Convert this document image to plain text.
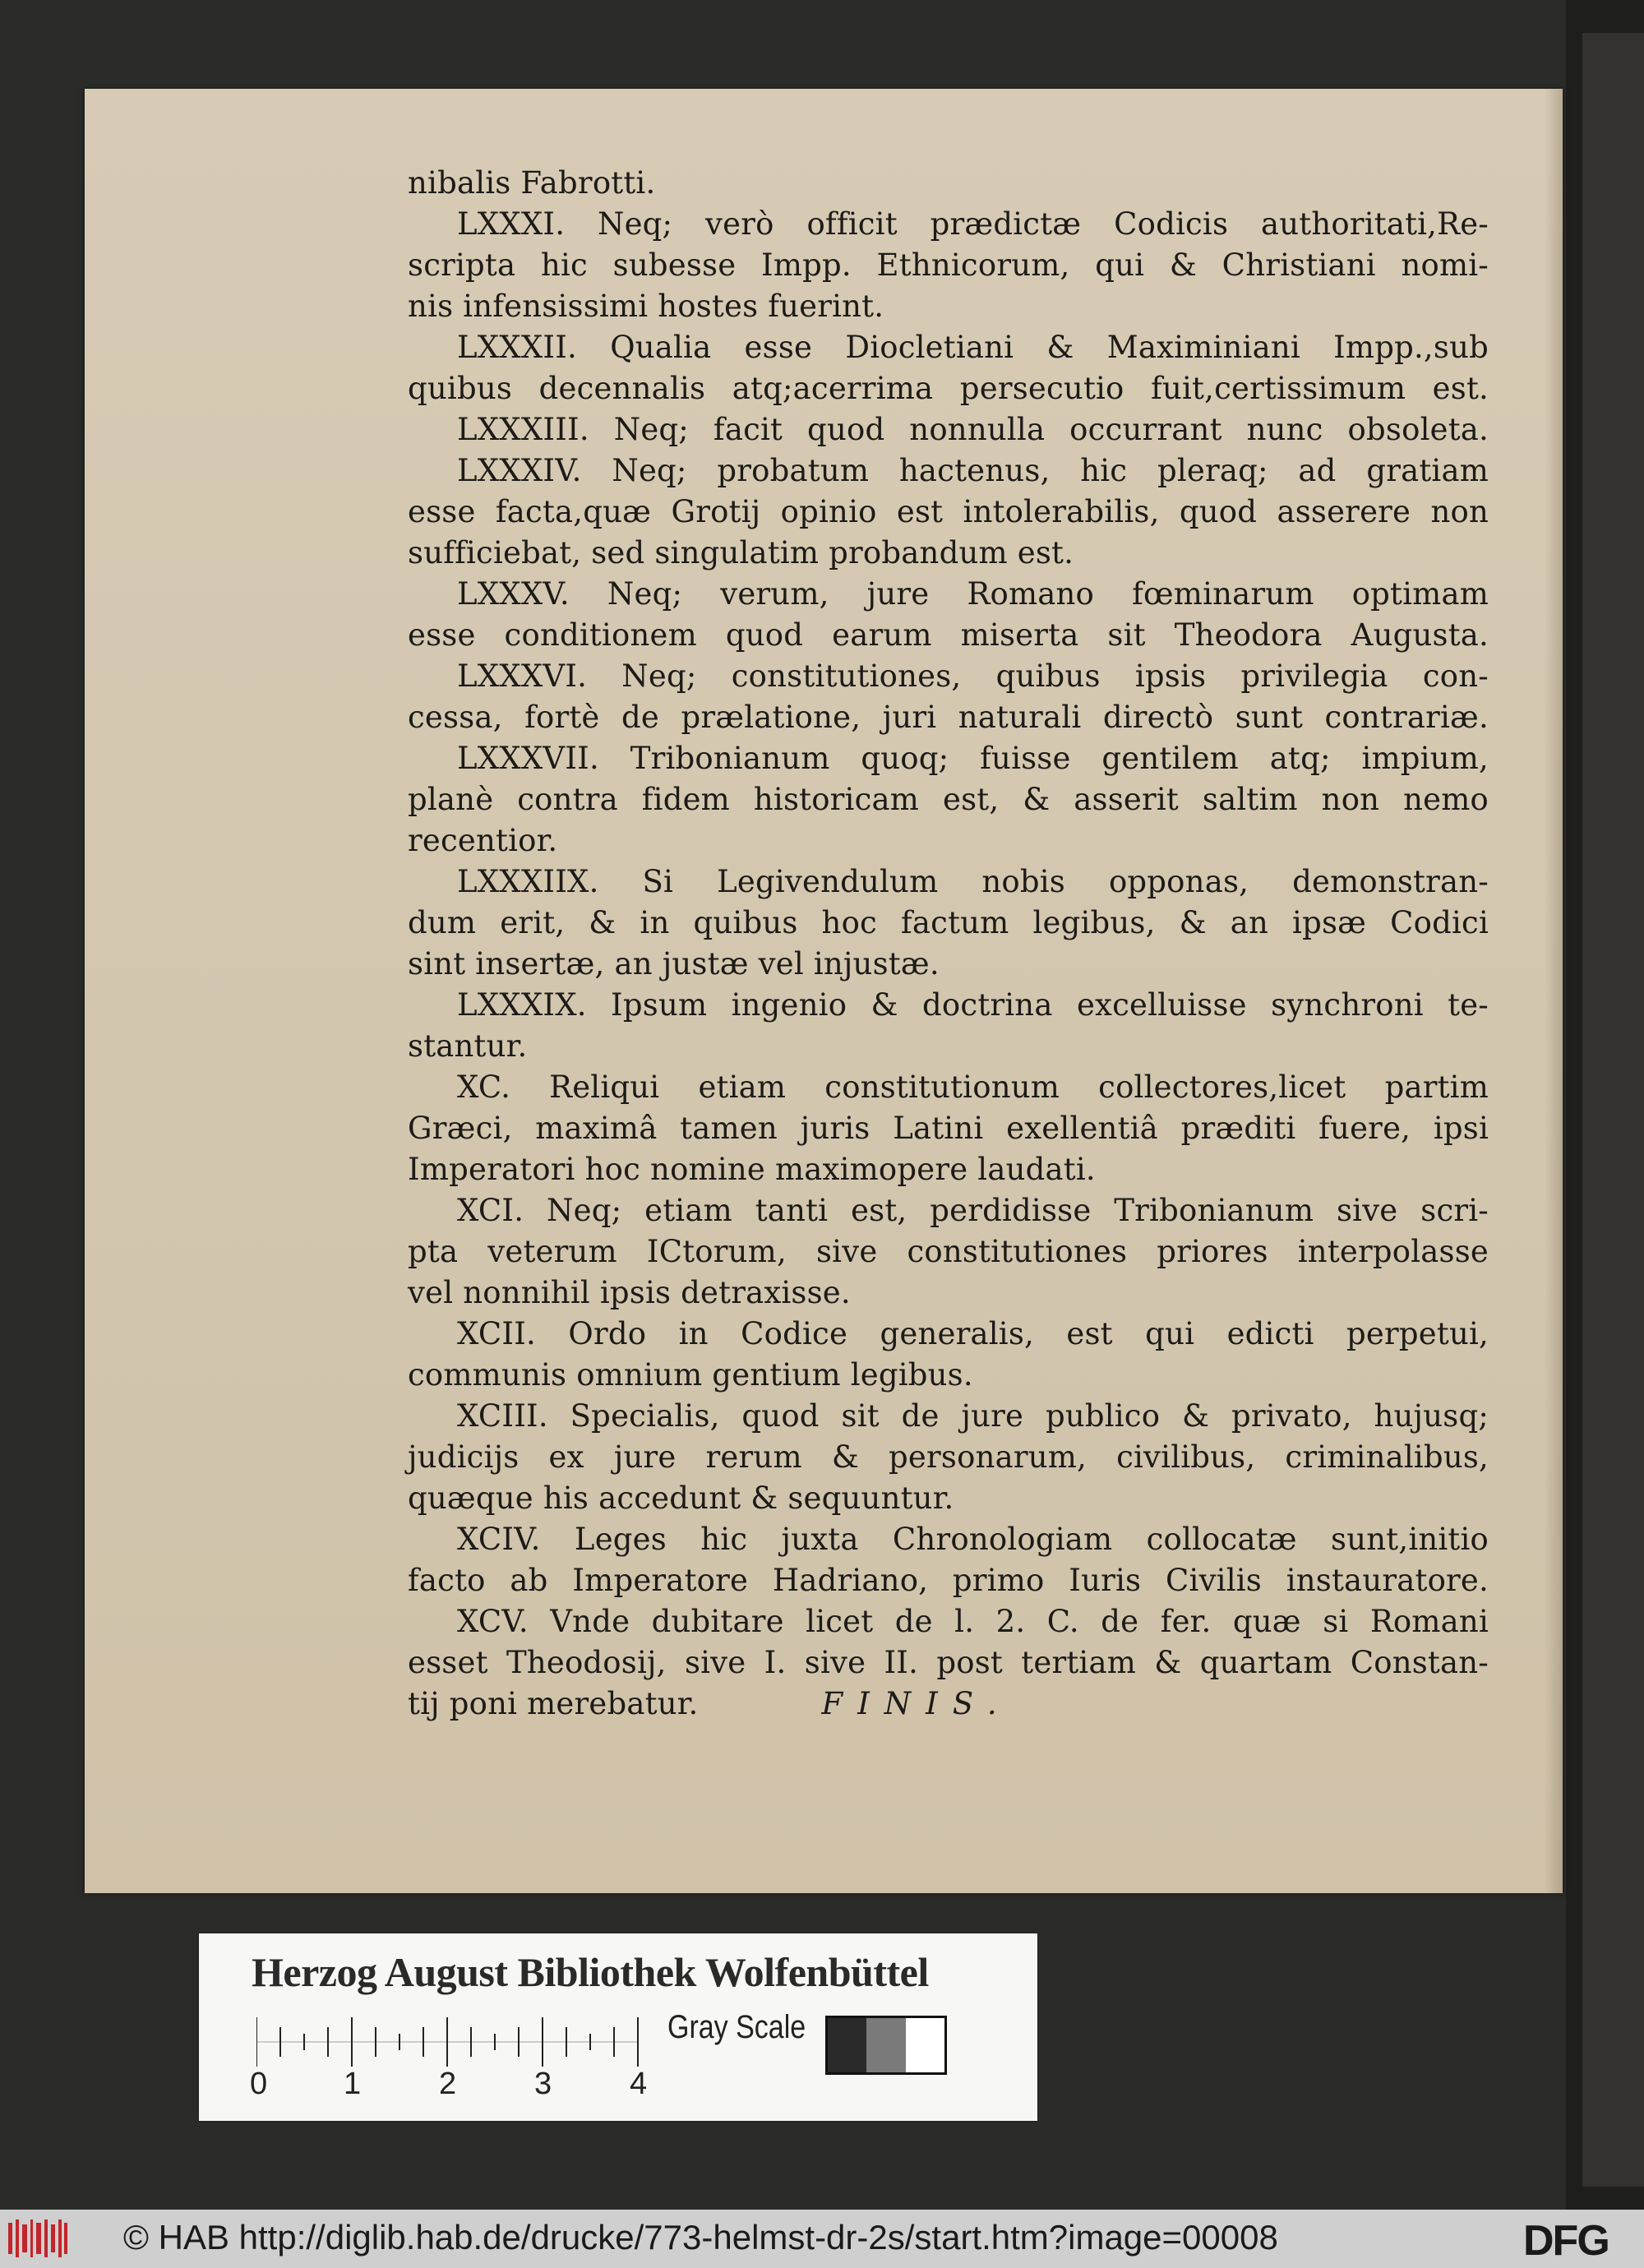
nibalis Fabrotti.
LXXXI. Neq; verò officit prædictæ Codicis authoritati,Re-
scripta hic subesse Impp. Ethnicorum, qui & Christiani nomi-
nis infensissimi hostes fuerint.
LXXXII. Qualia esse Diocletiani & Maximiniani Impp.,sub
quibus decennalis atq;acerrima persecutio fuit,certissimum est.
LXXXIII. Neq; facit quod nonnulla occurrant nunc obsoleta.
LXXXIV. Neq; probatum hactenus, hic pleraq; ad gratiam
esse facta,quæ Grotij opinio est intolerabilis, quod asserere non
sufficiebat, sed singulatim probandum est.
LXXXV. Neq; verum, jure Romano fœminarum optimam
esse conditionem quod earum miserta sit Theodora Augusta.
LXXXVI. Neq; constitutiones, quibus ipsis privilegia con-
cessa, fortè de prælatione, juri naturali directò sunt contrariæ.
LXXXVII. Tribonianum quoq; fuisse gentilem atq; impium,
planè contra fidem historicam est, & asserit saltim non nemo
recentior.
LXXXIIX. Si Legivendulum nobis opponas, demonstran-
dum erit, & in quibus hoc factum legibus, & an ipsæ Codici
sint insertæ, an justæ vel injustæ.
LXXXIX. Ipsum ingenio & doctrina excelluisse synchroni te-
stantur.
XC. Reliqui etiam constitutionum collectores,licet partim
Græci, maximâ tamen juris Latini exellentiâ præditi fuere, ipsi
Imperatori hoc nomine maximopere laudati.
XCI. Neq; etiam tanti est, perdidisse Tribonianum sive scri-
pta veterum ICtorum, sive constitutiones priores interpolasse
vel nonnihil ipsis detraxisse.
XCII. Ordo in Codice generalis, est qui edicti perpetui,
communis omnium gentium legibus.
XCIII. Specialis, quod sit de jure publico & privato, hujusq;
judicijs ex jure rerum & personarum, civilibus, criminalibus,
quæque his accedunt & sequuntur.
XCIV. Leges hic juxta Chronologiam collocatæ sunt,initio
facto ab Imperatore Hadriano, primo Iuris Civilis instauratore.
XCV. Vnde dubitare licet de l. 2. C. de fer. quæ si Romani
esset Theodosij, sive I. sive II. post tertiam & quartam Constan-
tij poni merebatur.	FINIS.
Herzog August Bibliothek Wolfenbüttel
0 1 2 3 4
Gray Scale
© HAB http://diglib.hab.de/drucke/773-helmst-dr-2s/start.htm?image=00008	DFG
